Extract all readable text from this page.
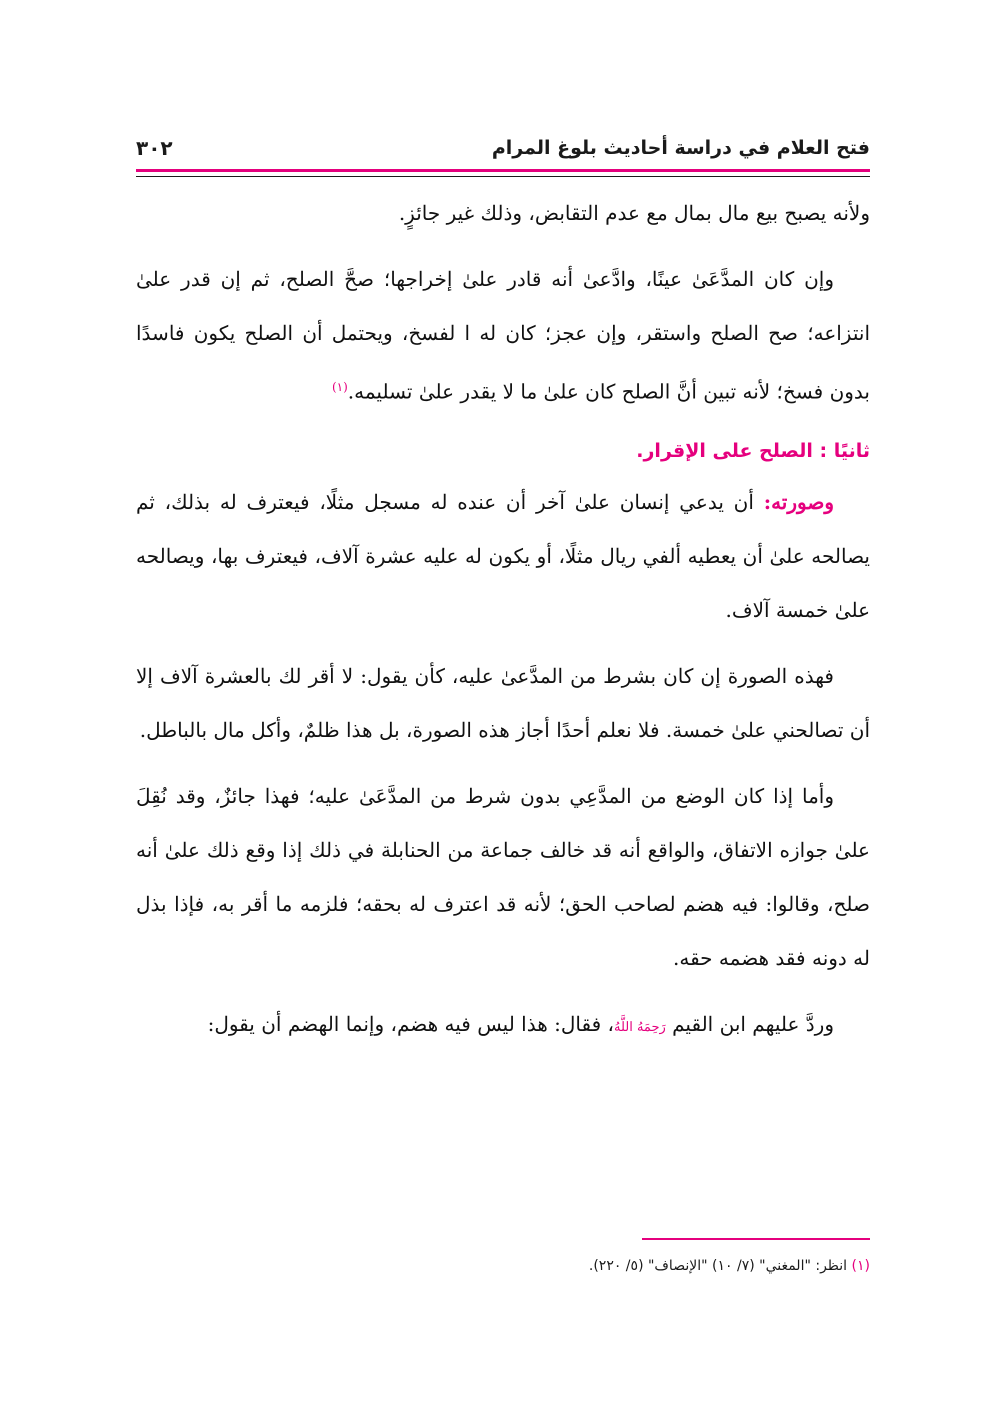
فتح العلام في دراسة أحاديث بلوغ المرام
٣٠٢

ولأنه يصبح بيع مال بمال مع عدم التقابض، وذلك غير جائزٍ.

وإن كان المدَّعَىٰ عينًا، وادَّعىٰ أنه قادر علىٰ إخراجها؛ صحَّ الصلح، ثم إن قدر علىٰ انتزاعه؛ صح الصلح واستقر، وإن عجز؛ كان له ا لفسخ، ويحتمل أن الصلح يكون فاسدًا بدون فسخ؛ لأنه تبين أنَّ الصلح كان علىٰ ما لا يقدر علىٰ تسليمه.$^{(١)}$

ثانيًا : الصلح على الإقرار.

وصورته: أن يدعي إنسان علىٰ آخر أن عنده له مسجل مثلًا، فيعترف له بذلك، ثم يصالحه علىٰ أن يعطيه ألفي ريال مثلًا، أو يكون له عليه عشرة آلاف، فيعترف بها، ويصالحه علىٰ خمسة آلاف.

فهذه الصورة إن كان بشرط من المدَّعىٰ عليه، كأن يقول: لا أقر لك بالعشرة آلاف إلا أن تصالحني علىٰ خمسة. فلا نعلم أحدًا أجاز هذه الصورة، بل هذا ظلمٌ، وأكل مال بالباطل.

وأما إذا كان الوضع من المدَّعِي بدون شرط من المدَّعَىٰ عليه؛ فهذا جائزٌ، وقد نُقِلَ علىٰ جوازه الاتفاق، والواقع أنه قد خالف جماعة من الحنابلة في ذلك إذا وقع ذلك علىٰ أنه صلح، وقالوا: فيه هضم لصاحب الحق؛ لأنه قد اعترف له بحقه؛ فلزمه ما أقر به، فإذا بذل له دونه فقد هضمه حقه.

وردَّ عليهم ابن القيم رَحِمَهُ اللَّهُ، فقال: هذا ليس فيه هضم، وإنما الهضم أن يقول:

(١) انظر: "المغني" (٧/ ١٠) "الإنصاف" (٥/ ٢٢٠).
